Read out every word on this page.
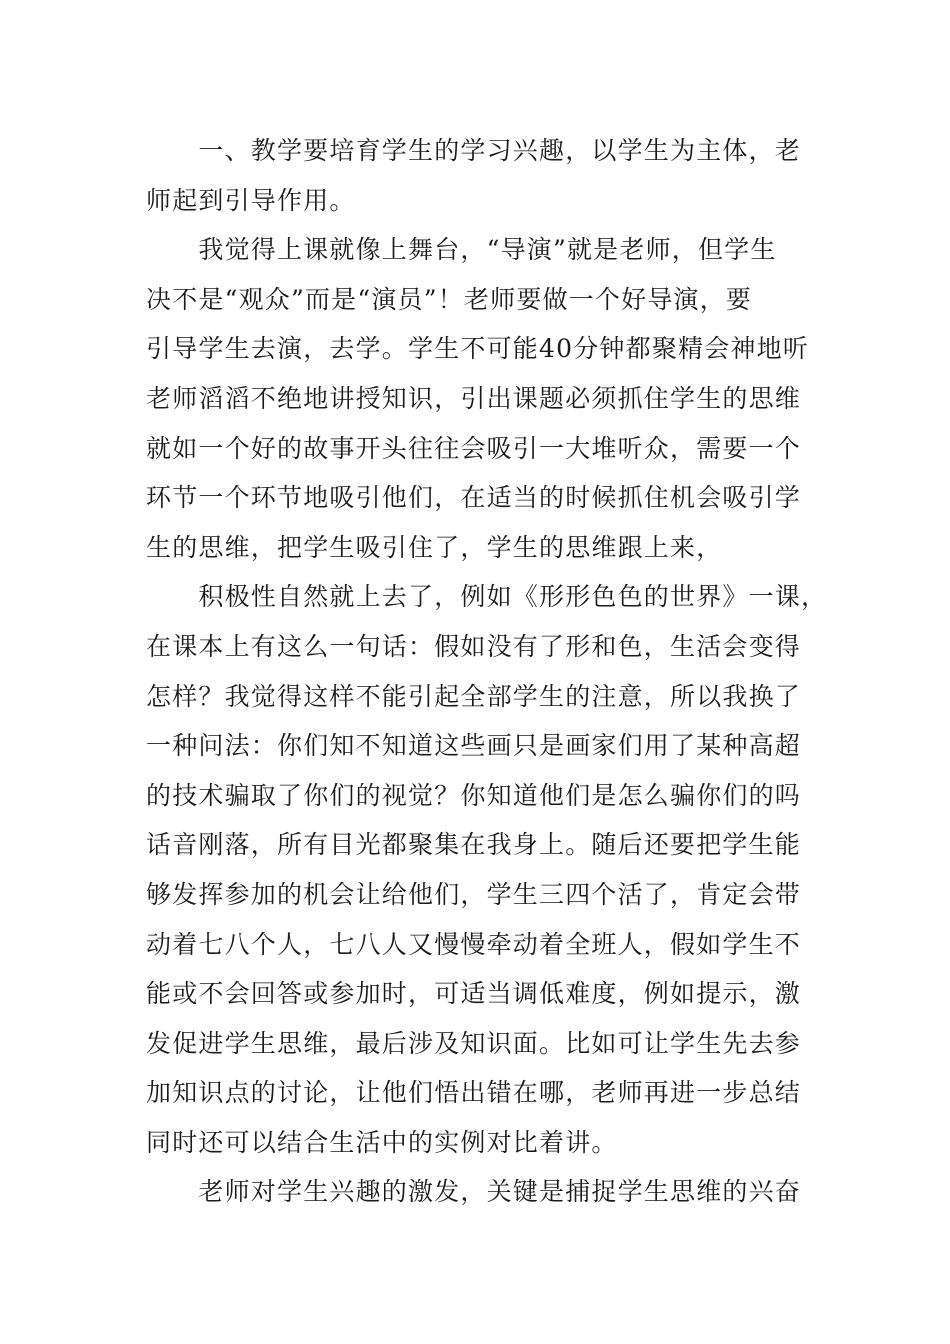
　　一、教学要培育学生的学习兴趣，以学生为主体，老
师起到引导作用。
　　我觉得上课就像上舞台，“导演”就是老师，但学生
决不是“观众”而是“演员”！老师要做一个好导演，要
引导学生去演，去学。学生不可能40分钟都聚精会神地听
老师滔滔不绝地讲授知识，引出课题必须抓住学生的思维
就如一个好的故事开头往往会吸引一大堆听众，需要一个
环节一个环节地吸引他们，在适当的时候抓住机会吸引学
生的思维，把学生吸引住了，学生的思维跟上来，
　　积极性自然就上去了，例如《形形色色的世界》一课，
在课本上有这么一句话：假如没有了形和色，生活会变得
怎样？我觉得这样不能引起全部学生的注意，所以我换了
一种问法：你们知不知道这些画只是画家们用了某种高超
的技术骗取了你们的视觉？你知道他们是怎么骗你们的吗
话音刚落，所有目光都聚集在我身上。随后还要把学生能
够发挥参加的机会让给他们，学生三四个活了，肯定会带
动着七八个人，七八人又慢慢牵动着全班人，假如学生不
能或不会回答或参加时，可适当调低难度，例如提示，激
发促进学生思维，最后涉及知识面。比如可让学生先去参
加知识点的讨论，让他们悟出错在哪，老师再进一步总结
同时还可以结合生活中的实例对比着讲。
　　老师对学生兴趣的激发，关键是捕捉学生思维的兴奋
